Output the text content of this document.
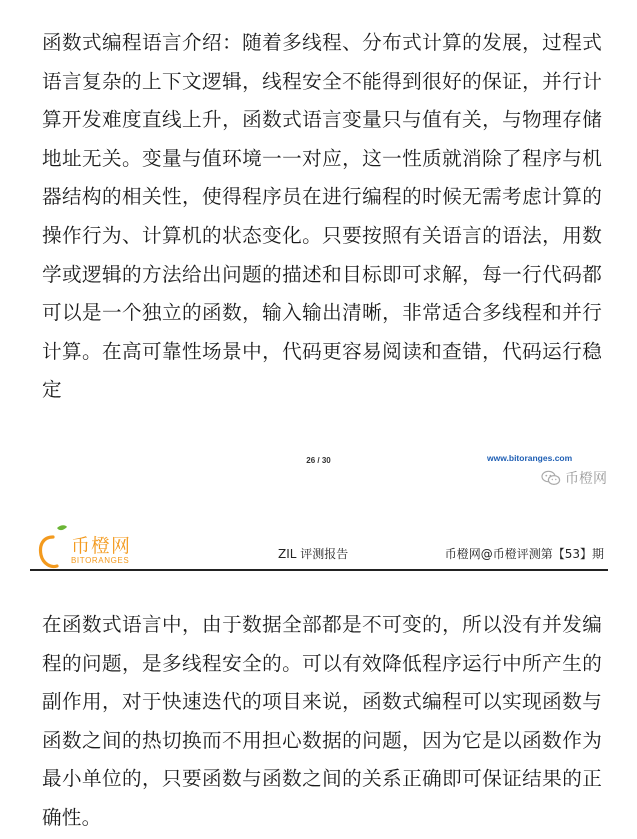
函数式编程语言介绍：随着多线程、分布式计算的发展，过程式语言复杂的上下文逻辑，线程安全不能得到很好的保证，并行计算开发难度直线上升，函数式语言变量只与值有关，与物理存储地址无关。变量与值环境一一对应，这一性质就消除了程序与机器结构的相关性，使得程序员在进行编程的时候无需考虑计算的操作行为、计算机的状态变化。只要按照有关语言的语法，用数学或逻辑的方法给出问题的描述和目标即可求解，每一行代码都可以是一个独立的函数，输入输出清晰，非常适合多线程和并行计算。在高可靠性场景中，代码更容易阅读和查错，代码运行稳定

26 / 30	www.bitoranges.com
币橙网
币橙网
BITORANGES	ZIL 评测报告	币橙网@币橙评测第【53】期

在函数式语言中，由于数据全部都是不可变的，所以没有并发编程的问题，是多线程安全的。可以有效降低程序运行中所产生的副作用，对于快速迭代的项目来说，函数式编程可以实现函数与函数之间的热切换而不用担心数据的问题，因为它是以函数作为最小单位的，只要函数与函数之间的关系正确即可保证结果的正确性。
